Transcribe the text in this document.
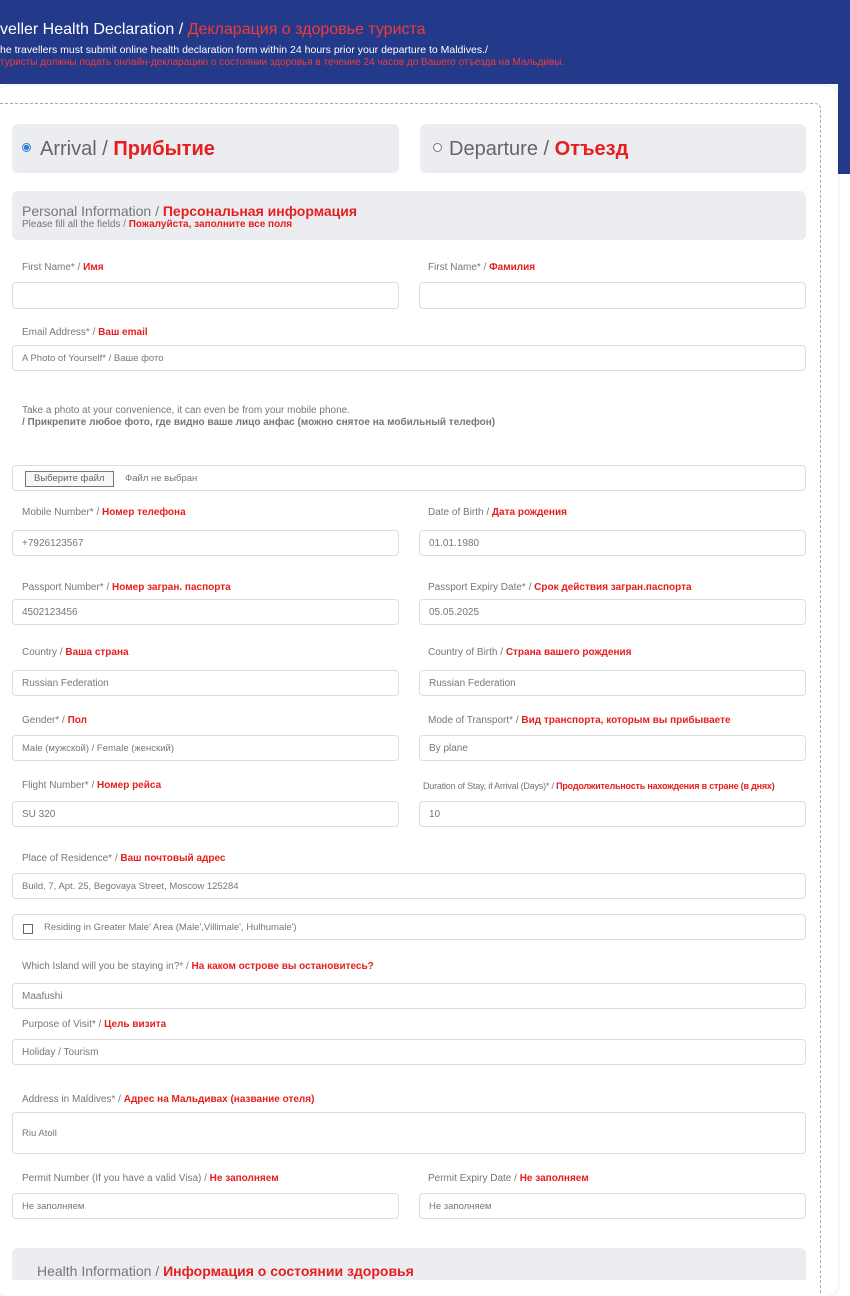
veller Health Declaration / Декларация о здоровье туриста
he travellers must submit online health declaration form within 24 hours prior your departure to Maldives./
туристы должны подать онлайн-декларацию о состоянии здоровья в течение 24 часов до Вашего отъезда на Мальдивы.
Arrival / Прибытие	Departure / Отъезд
Personal Information / Персональная информация
Please fill all the fields / Пожалуйста, заполните все поля
First Name* / Имя	First Name* / Фамилия
Email Address* / Ваш email
A Photo of Yourself* / Ваше фото
Take a photo at your convenience, it can even be from your mobile phone.
/ Прикрепите любое фото, где видно ваше лицо анфас (можно снятое на мобильный телефон)
Выберите файл	Файл не выбран
Mobile Number* / Номер телефона
+7926123567
Date of Birth / Дата рождения
01.01.1980
Passport Number* / Номер загран. паспорта
4502123456
Passport Expiry Date* / Срок действия загран.паспорта
05.05.2025
Country / Ваша страна
Russian Federation
Country of Birth / Страна вашего рождения
Russian Federation
Gender* / Пол
Male (мужской) / Female (женский)
Mode of Transport* / Вид транспорта, которым вы прибываете
By plane
Flight Number* / Номер рейса
SU 320
Duration of Stay, if Arrival (Days)* / Продолжительность нахождения в стране (в днях)
10
Place of Residence* / Ваш почтовый адрес
Build. 7, Apt. 25, Begovaya Street, Moscow 125284
Residing in Greater Male' Area (Male',Villimale', Hulhumale')
Which Island will you be staying in?* / На каком острове вы остановитесь?
Maafushi
Purpose of Visit* / Цель визита
Holiday / Tourism
Address in Maldives* / Адрес на Мальдивах (название отеля)
Riu Atoll
Permit Number (If you have a valid Visa) / Не заполняем
Не заполняем
Permit Expiry Date / Не заполняем
Не заполняем
Health Information / Информация о состоянии здоровья
